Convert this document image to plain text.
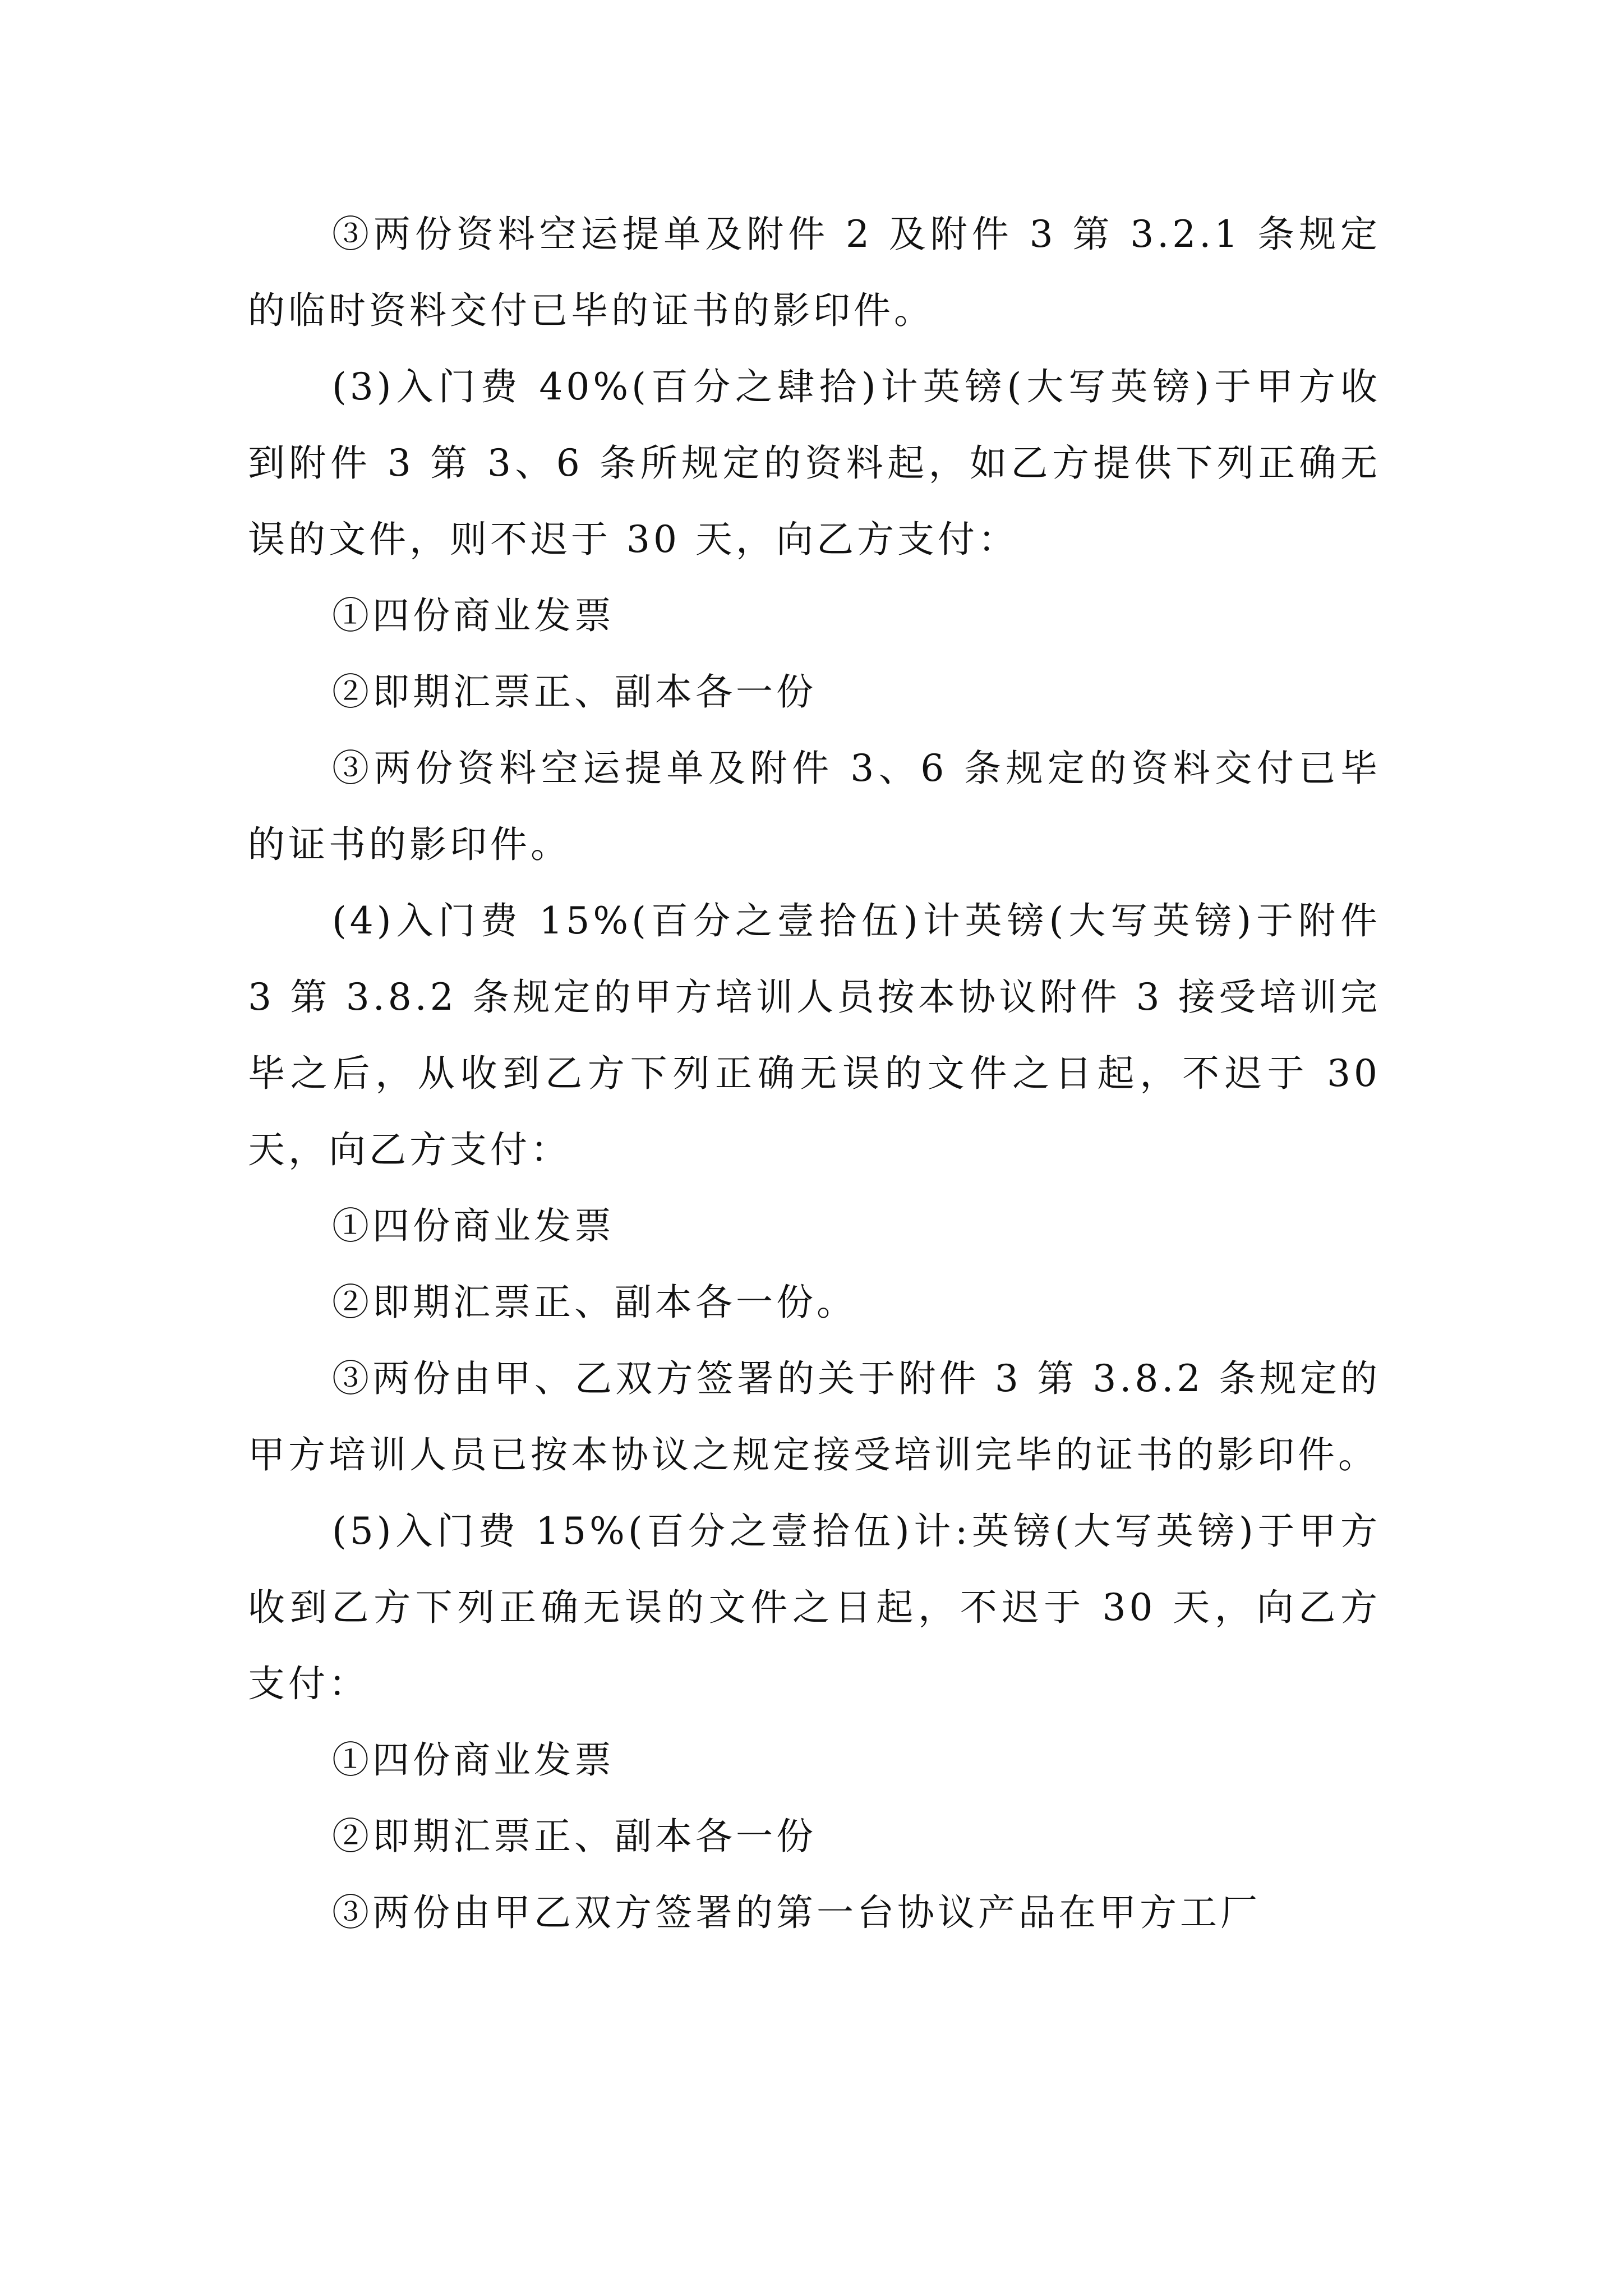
③两份资料空运提单及附件 2 及附件 3 第 3.2.1 条规定的临时资料交付已毕的证书的影印件。

(3)入门费 40%(百分之肆拾)计英镑(大写英镑)于甲方收到附件 3 第 3、6 条所规定的资料起，如乙方提供下列正确无误的文件，则不迟于 30 天，向乙方支付：

①四份商业发票

②即期汇票正、副本各一份

③两份资料空运提单及附件 3、6 条规定的资料交付已毕的证书的影印件。

(4)入门费 15%(百分之壹拾伍)计英镑(大写英镑)于附件 3 第 3.8.2 条规定的甲方培训人员按本协议附件 3 接受培训完毕之后，从收到乙方下列正确无误的文件之日起，不迟于 30 天，向乙方支付：

①四份商业发票

②即期汇票正、副本各一份。

③两份由甲、乙双方签署的关于附件 3 第 3.8.2 条规定的甲方培训人员已按本协议之规定接受培训完毕的证书的影印件。

(5)入门费 15%(百分之壹拾伍)计:英镑(大写英镑)于甲方收到乙方下列正确无误的文件之日起，不迟于 30 天，向乙方支付：

①四份商业发票

②即期汇票正、副本各一份

③两份由甲乙双方签署的第一台协议产品在甲方工厂
